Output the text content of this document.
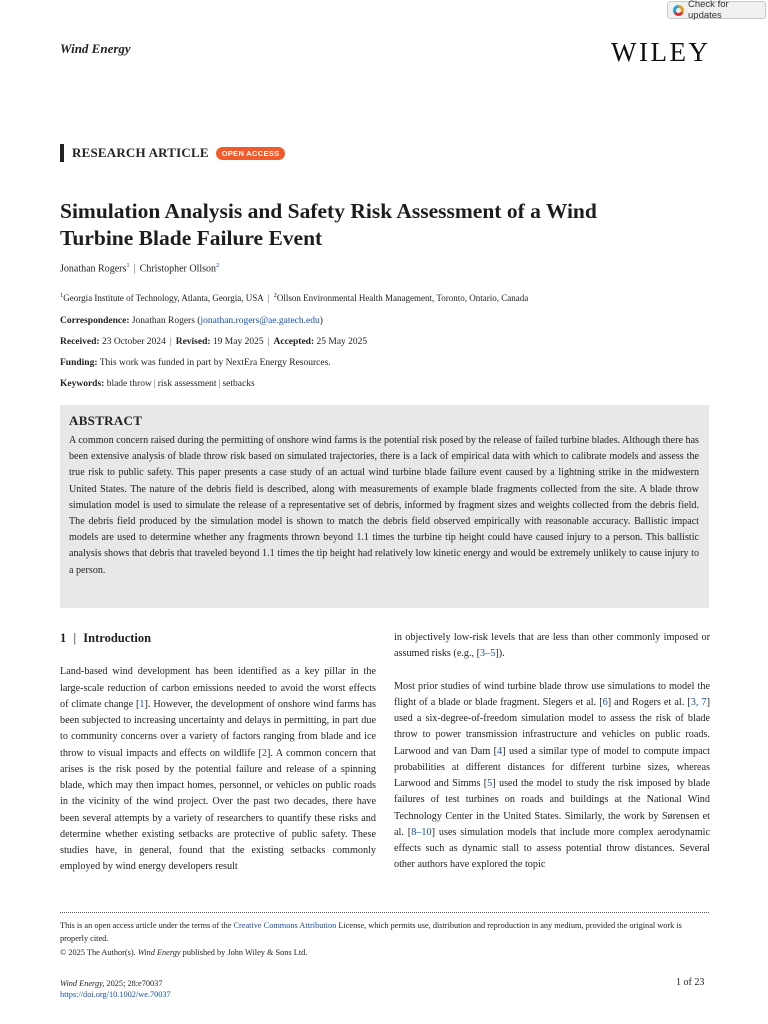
Check for updates
Wind Energy	WILEY
RESEARCH ARTICLE	OPEN ACCESS
Simulation Analysis and Safety Risk Assessment of a Wind
Turbine Blade Failure Event
Jonathan Rogers$^1$ | Christopher Ollson$^2$
$^1$Georgia Institute of Technology, Atlanta, Georgia, USA | $^2$Ollson Environmental Health Management, Toronto, Ontario, Canada
Correspondence: Jonathan Rogers (jonathan.rogers@ae.gatech.edu)
Received: 23 October 2024 | Revised: 19 May 2025 | Accepted: 25 May 2025
Funding: This work was funded in part by NextEra Energy Resources.
Keywords: blade throw | risk assessment | setbacks
ABSTRACT

A common concern raised during the permitting of onshore wind farms is the potential risk posed by the release of failed turbine blades. Although there has been extensive analysis of blade throw risk based on simulated trajectories, there is a lack of empirical data with which to calibrate models and assess the true risk to public safety. This paper presents a case study of an actual wind turbine blade failure event caused by a lightning strike in the midwestern United States. The nature of the debris field is described, along with measurements of example blade fragments collected from the site. A blade throw simulation model is used to simulate the release of a representative set of debris, informed by fragment sizes and weights collected from the debris field. The debris field produced by the simulation model is shown to match the debris field observed empirically with reasonable accuracy. Ballistic impact models are used to determine whether any fragments thrown beyond 1.1 times the turbine tip height could have caused injury to a person. This ballistic analysis shows that debris that traveled beyond 1.1 times the tip height had relatively low kinetic energy and would be extremely unlikely to cause injury to a person.

1 | Introduction

Land-based wind development has been identified as a key pillar in the large-scale reduction of carbon emissions needed to avoid the worst effects of climate change [1]. However, the development of onshore wind farms has been subjected to increasing uncertainty and delays in permitting, in part due to community concerns over a variety of factors ranging from blade and ice throw to visual impacts and effects on wildlife [2]. A common concern that arises is the risk posed by the potential failure and release of a spinning blade, which may then impact homes, personnel, or vehicles on public roads in the vicinity of the wind project. Over the past two decades, there have been several attempts by a variety of researchers to quantify these risks and determine whether existing setbacks are protective of public safety. These studies have, in general, found that the existing setbacks commonly employed by wind energy developers result

in objectively low-risk levels that are less than other commonly imposed or assumed risks (e.g., [3–5]).

Most prior studies of wind turbine blade throw use simulations to model the flight of a blade or blade fragment. Slegers et al. [6] and Rogers et al. [3, 7] used a six-degree-of-freedom simulation model to assess the risk of blade throw to power transmission infrastructure and vehicles on public roads. Larwood and van Dam [4] used a similar type of model to compute impact probabilities at different distances for different turbine sizes, whereas Larwood and Simms [5] used the model to study the risk imposed by blade failures of test turbines on roads and buildings at the National Wind Technology Center in the United States. Similarly, the work by Sørensen et al. [8–10] uses simulation models that include more complex aerodynamic effects such as dynamic stall to assess potential throw distances. Several other authors have explored the topic

This is an open access article under the terms of the Creative Commons Attribution License, which permits use, distribution and reproduction in any medium, provided the original work is properly cited.

© 2025 The Author(s). Wind Energy published by John Wiley & Sons Ltd.

Wind Energy, 2025; 28:e70037
https://doi.org/10.1002/we.70037
1 of 23
